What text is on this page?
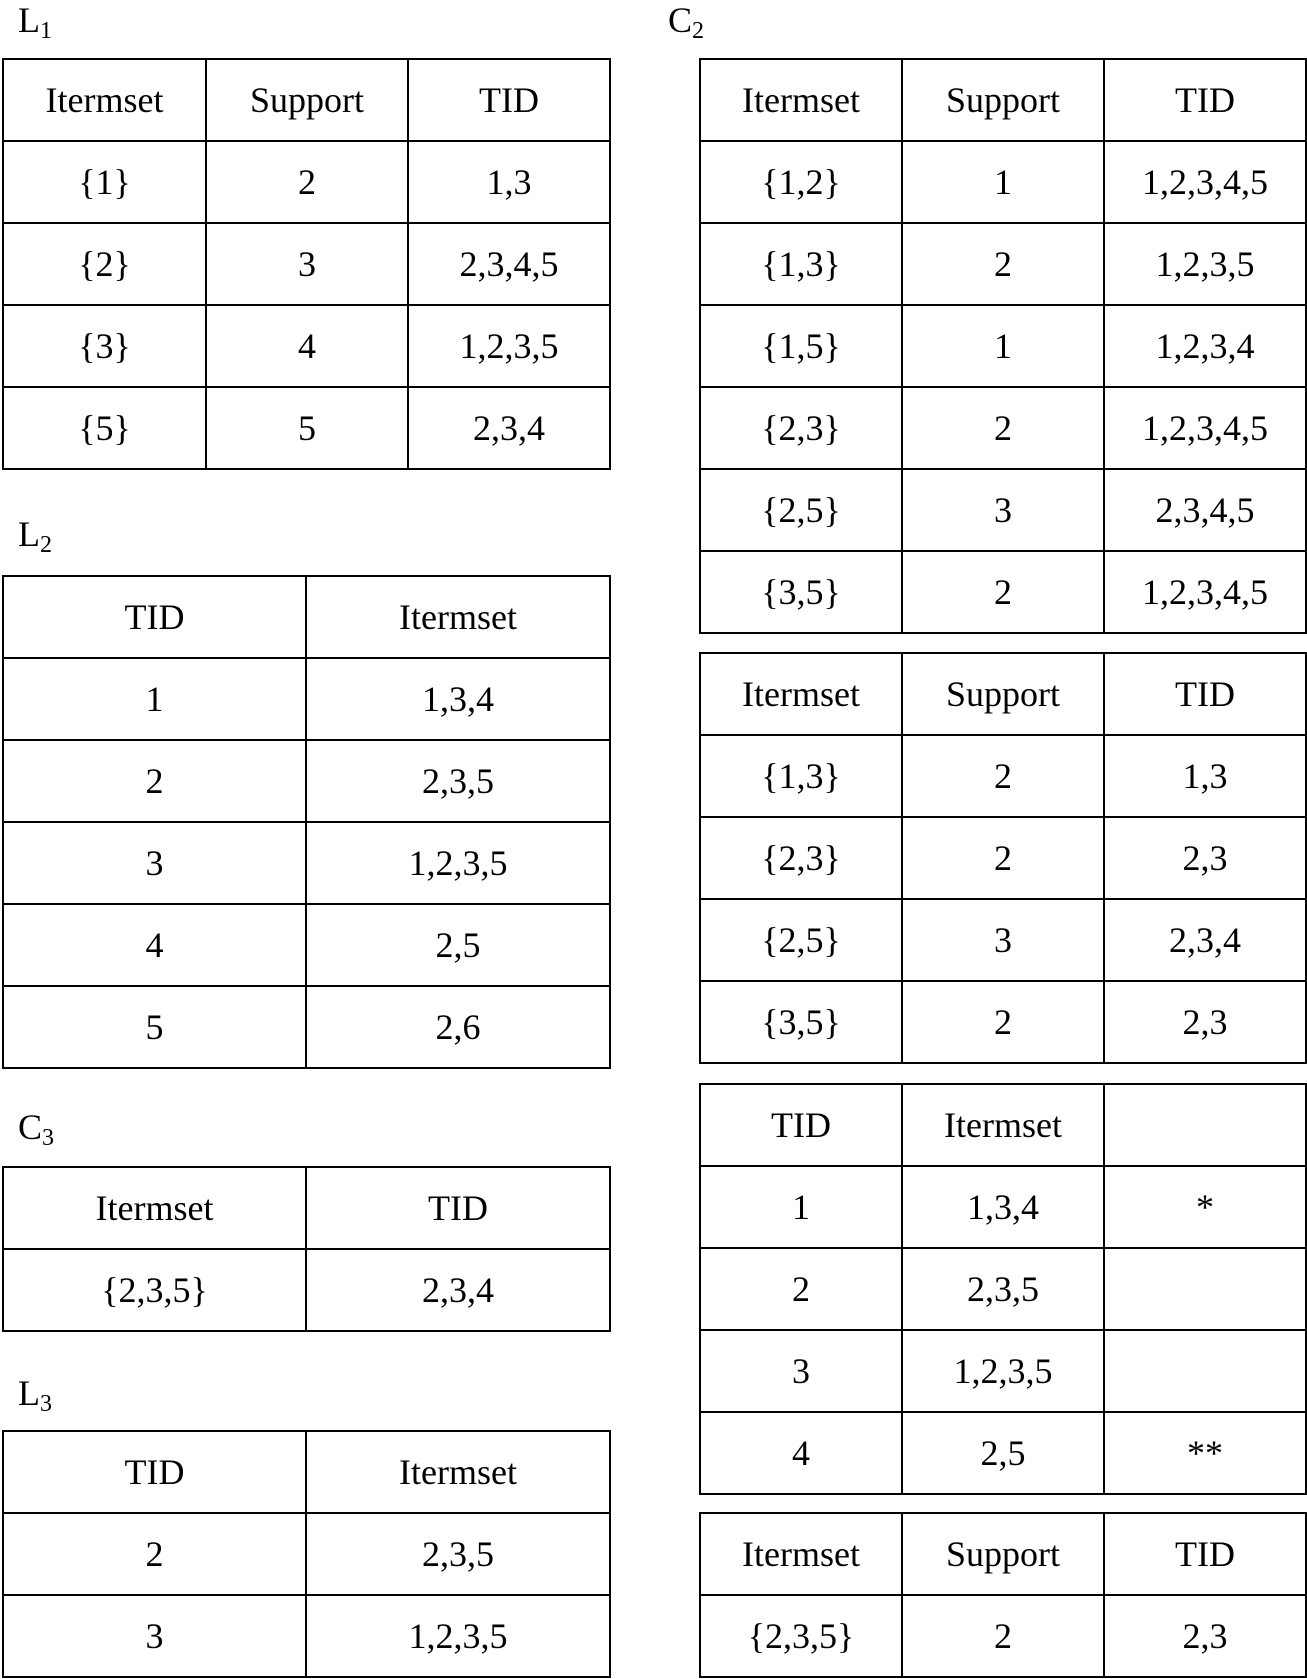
$L_1$	$C_2$
$L_2$
$C_3$
$L_3$
Itermset	Support	TID
{1}	2	1,3
{2}	3	2,3,4,5
{3}	4	1,2,3,5
{5}	5	2,3,4
Itermset	Support	TID
{1,2}	1	1,2,3,4,5
{1,3}	2	1,2,3,5
{1,5}	1	1,2,3,4
{2,3}	2	1,2,3,4,5
{2,5}	3	2,3,4,5
{3,5}	2	1,2,3,4,5
TID	Itermset
1	1,3,4
2	2,3,5
3	1,2,3,5
4	2,5
5	2,6
Itermset	Support	TID
{1,3}	2	1,3
{2,3}	2	2,3
{2,5}	3	2,3,4
{3,5}	2	2,3
Itermset	TID
{2,3,5}	2,3,4
TID	Itermset	
1	1,3,4	*
2	2,3,5	
3	1,2,3,5	
4	2,5	**
TID	Itermset
2	2,3,5
3	1,2,3,5
Itermset	Support	TID
{2,3,5}	2	2,3
